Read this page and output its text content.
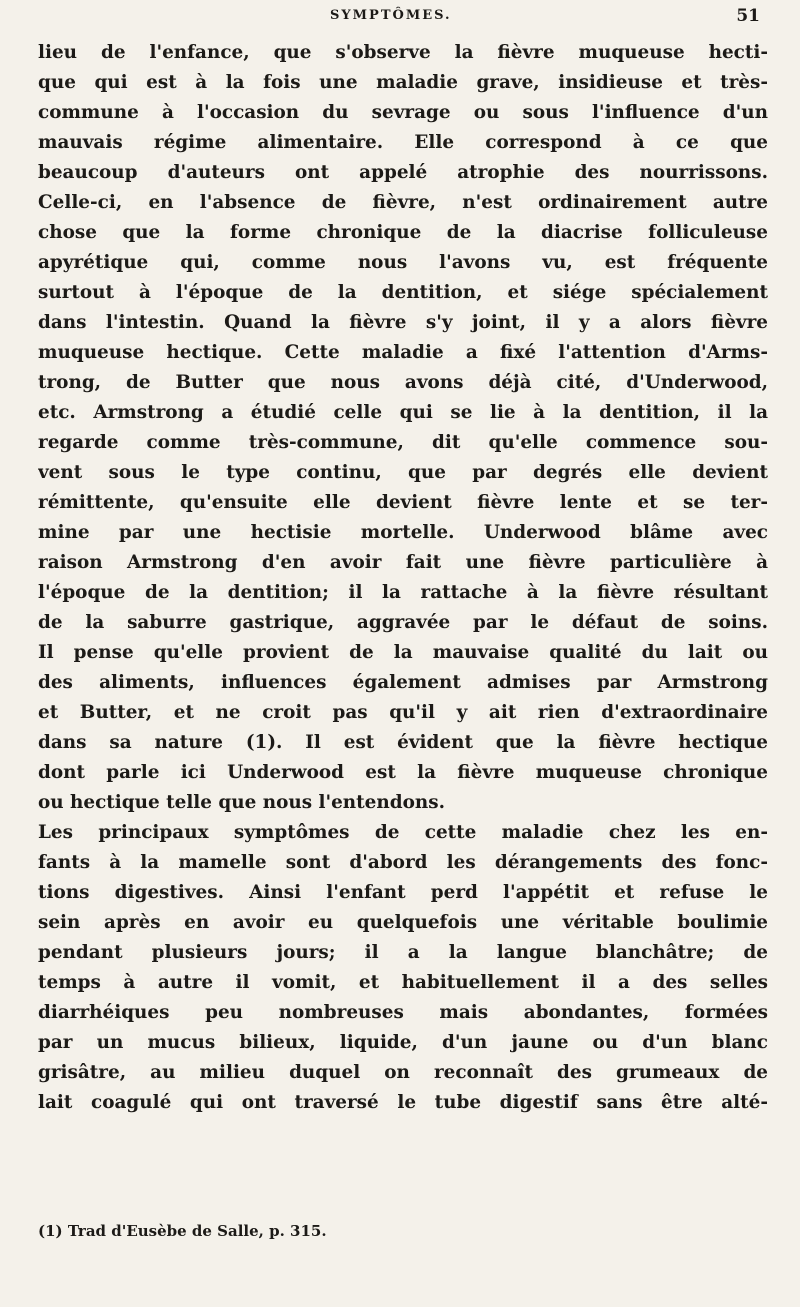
SYMPTÔMES.	51
lieu de l'enfance, que s'observe la fièvre muqueuse hecti-
que qui est à la fois une maladie grave, insidieuse et très-
commune à l'occasion du sevrage ou sous l'influence d'un
mauvais régime alimentaire. Elle correspond à ce que
beaucoup d'auteurs ont appelé atrophie des nourrissons.
Celle-ci, en l'absence de fièvre, n'est ordinairement autre
chose que la forme chronique de la diacrise folliculeuse
apyrétique qui, comme nous l'avons vu, est fréquente
surtout à l'époque de la dentition, et siége spécialement
dans l'intestin. Quand la fièvre s'y joint, il y a alors fièvre
muqueuse hectique. Cette maladie a fixé l'attention d'Arms-
trong, de Butter que nous avons déjà cité, d'Underwood,
etc. Armstrong a étudié celle qui se lie à la dentition, il la
regarde comme très-commune, dit qu'elle commence sou-
vent sous le type continu, que par degrés elle devient
rémittente, qu'ensuite elle devient fièvre lente et se ter-
mine par une hectisie mortelle. Underwood blâme avec
raison Armstrong d'en avoir fait une fièvre particulière à
l'époque de la dentition; il la rattache à la fièvre résultant
de la saburre gastrique, aggravée par le défaut de soins.
Il pense qu'elle provient de la mauvaise qualité du lait ou
des aliments, influences également admises par Armstrong
et Butter, et ne croit pas qu'il y ait rien d'extraordinaire
dans sa nature (1). Il est évident que la fièvre hectique
dont parle ici Underwood est la fièvre muqueuse chronique
ou hectique telle que nous l'entendons.
Les principaux symptômes de cette maladie chez les en-
fants à la mamelle sont d'abord les dérangements des fonc-
tions digestives. Ainsi l'enfant perd l'appétit et refuse le
sein après en avoir eu quelquefois une véritable boulimie
pendant plusieurs jours; il a la langue blanchâtre; de
temps à autre il vomit, et habituellement il a des selles
diarrhéiques peu nombreuses mais abondantes, formées
par un mucus bilieux, liquide, d'un jaune ou d'un blanc
grisâtre, au milieu duquel on reconnaît des grumeaux de
lait coagulé qui ont traversé le tube digestif sans être alté-
(1) Trad d'Eusèbe de Salle, p. 315.
